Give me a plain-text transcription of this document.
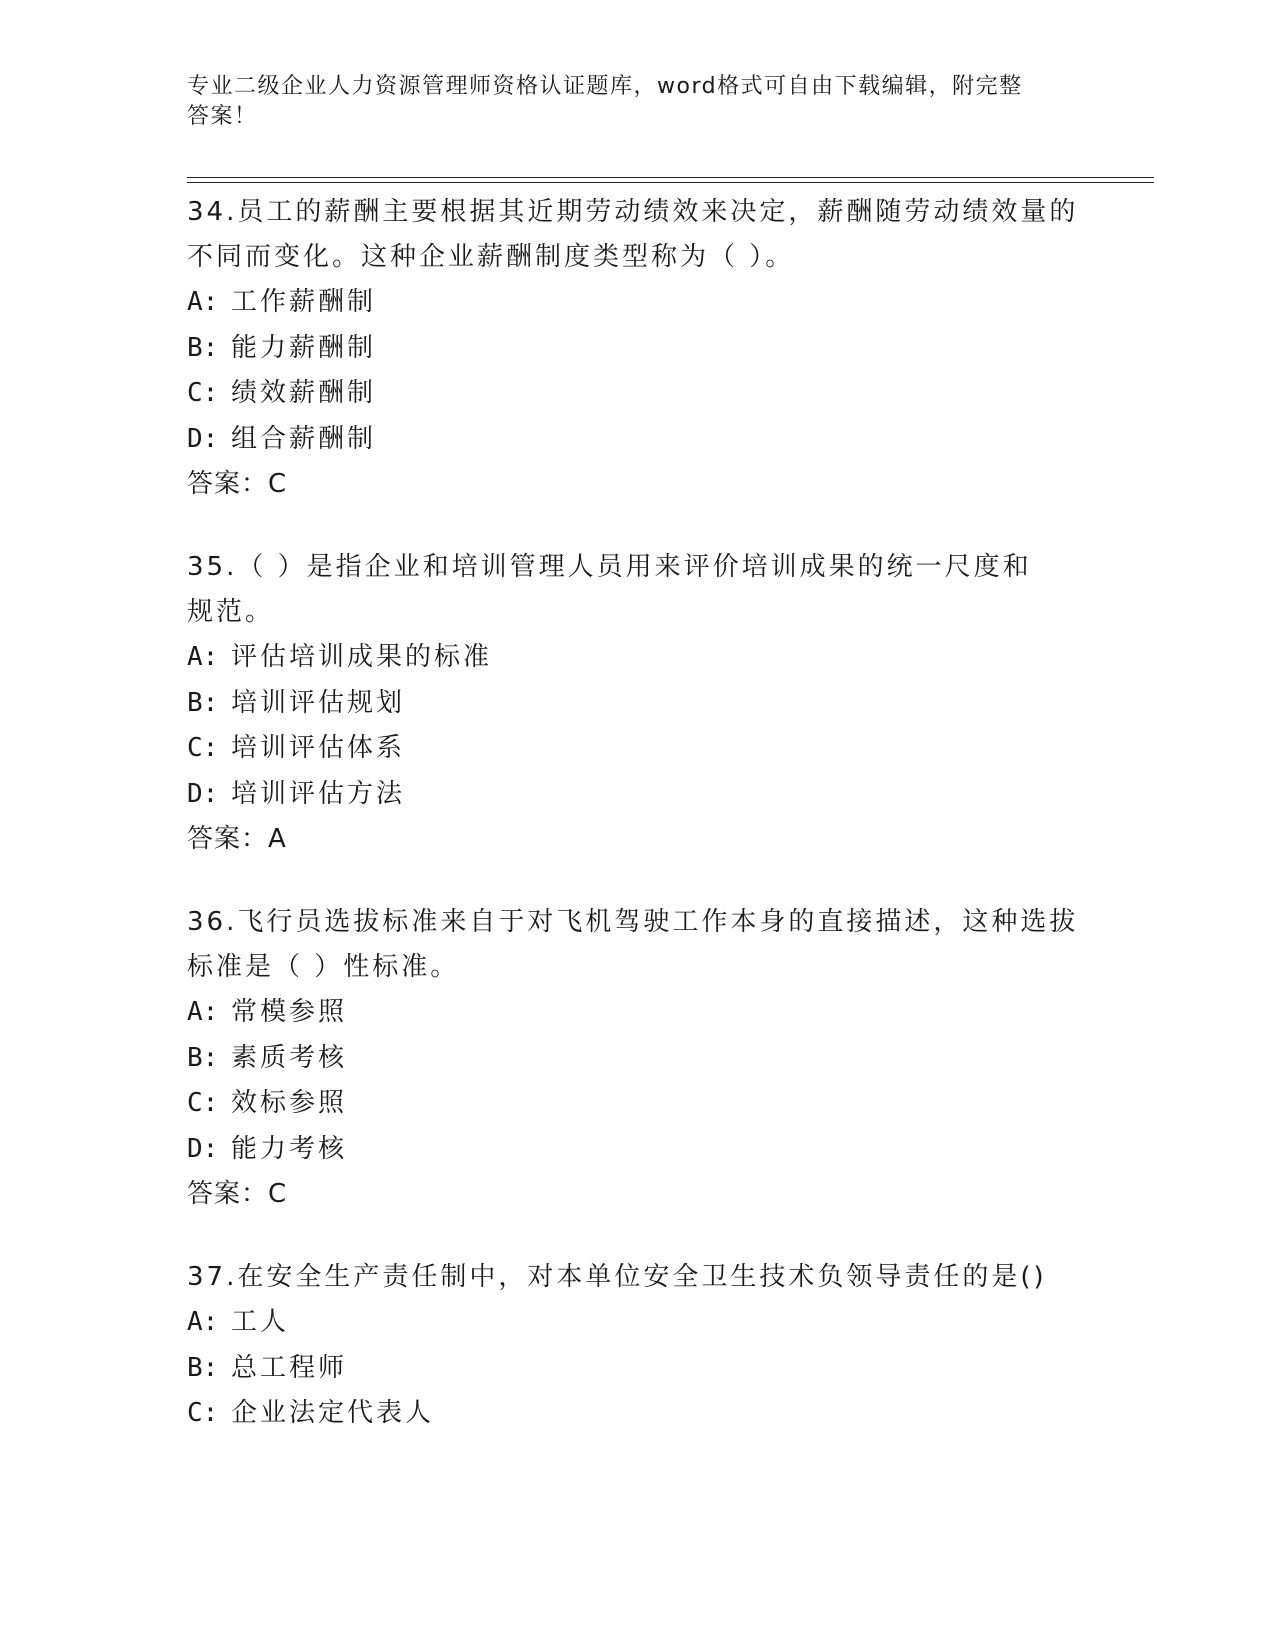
专业二级企业人力资源管理师资格认证题库，word格式可自由下载编辑，附完整
答案！
34.员工的薪酬主要根据其近期劳动绩效来决定，薪酬随劳动绩效量的
不同而变化。这种企业薪酬制度类型称为（ ）。
A: 工作薪酬制
B: 能力薪酬制
C: 绩效薪酬制
D: 组合薪酬制
答案：C
35.（ ）是指企业和培训管理人员用来评价培训成果的统一尺度和
规范。
A: 评估培训成果的标准
B: 培训评估规划
C: 培训评估体系
D: 培训评估方法
答案：A
36.飞行员选拔标准来自于对飞机驾驶工作本身的直接描述，这种选拔
标准是（ ）性标准。
A: 常模参照
B: 素质考核
C: 效标参照
D: 能力考核
答案：C
37.在安全生产责任制中，对本单位安全卫生技术负领导责任的是()
A: 工人
B: 总工程师
C: 企业法定代表人
